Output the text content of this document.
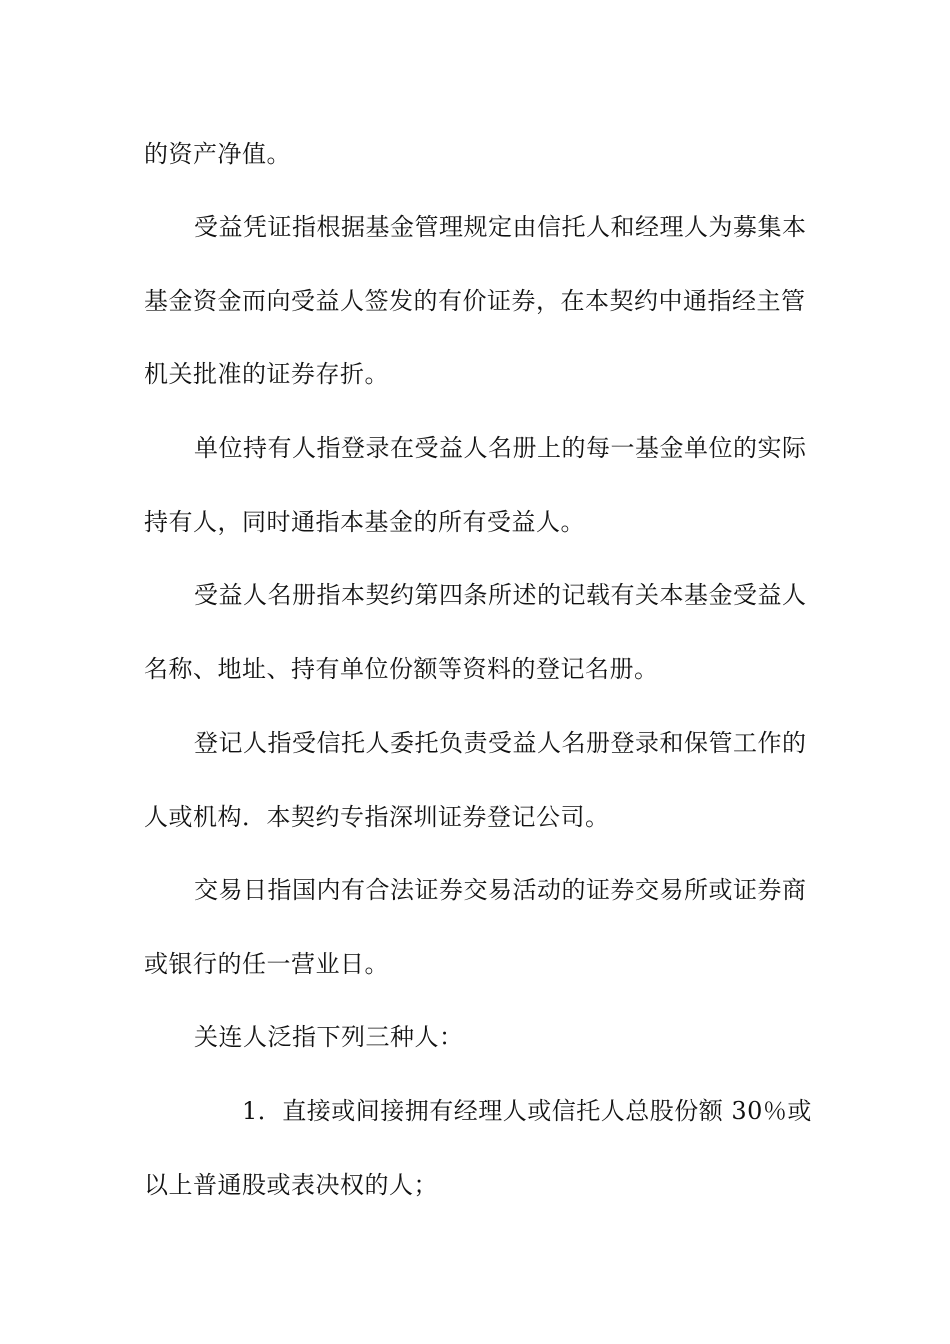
的资产净值。
受益凭证指根据基金管理规定由信托人和经理人为募集本
基金资金而向受益人签发的有价证券，在本契约中通指经主管
机关批准的证券存折。
单位持有人指登录在受益人名册上的每一基金单位的实际
持有人，同时通指本基金的所有受益人。
受益人名册指本契约第四条所述的记载有关本基金受益人
名称、地址、持有单位份额等资料的登记名册。
登记人指受信托人委托负责受益人名册登录和保管工作的
人或机构．本契约专指深圳证券登记公司。
交易日指国内有合法证券交易活动的证券交易所或证券商
或银行的任一营业日。
关连人泛指下列三种人：
1．直接或间接拥有经理人或信托人总股份额 30％或
以上普通股或表决权的人；
